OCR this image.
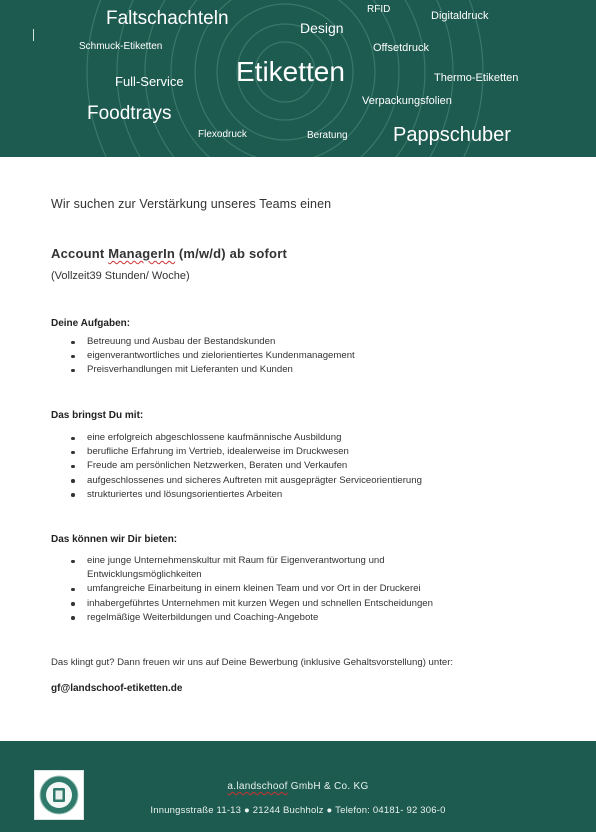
Faltschachteln	Design
RFID
Digitaldruck
Schmuck-Etiketten	Offsetdruck
Full-Service Etiketten	Thermo-Etiketten
Foodtrays
Verpackungsfolien
Flexodruck	Beratung Pappschuber
Wir suchen zur Verstärkung unseres Teams einen
Account ManagerIn (m/w/d) ab sofort
(Vollzeit39 Stunden/ Woche)
Deine Aufgaben:
Betreuung und Ausbau der Bestandskunden
eigenverantwortliches und zielorientiertes Kundenmanagement
Preisverhandlungen mit Lieferanten und Kunden
Das bringst Du mit:
eine erfolgreich abgeschlossene kaufmännische Ausbildung
berufliche Erfahrung im Vertrieb, idealerweise im Druckwesen
Freude am persönlichen Netzwerken, Beraten und Verkaufen
aufgeschlossenes und sicheres Auftreten mit ausgeprägter Serviceorientierung
strukturiertes und lösungsorientiertes Arbeiten
Das können wir Dir bieten:
eine junge Unternehmenskultur mit Raum für Eigenverantwortung und Entwicklungsmöglichkeiten
umfangreiche Einarbeitung in einem kleinen Team und vor Ort in der Druckerei
inhabergeführtes Unternehmen mit kurzen Wegen und schnellen Entscheidungen
regelmäßige Weiterbildungen und Coaching-Angebote
Das klingt gut? Dann freuen wir uns auf Deine Bewerbung (inklusive Gehaltsvorstellung) unter:
gf@landschoof-etiketten.de
a.landschoof GmbH & Co. KG
Innungsstraße 11-13 ● 21244 Buchholz ● Telefon: 04181- 92 306-0
